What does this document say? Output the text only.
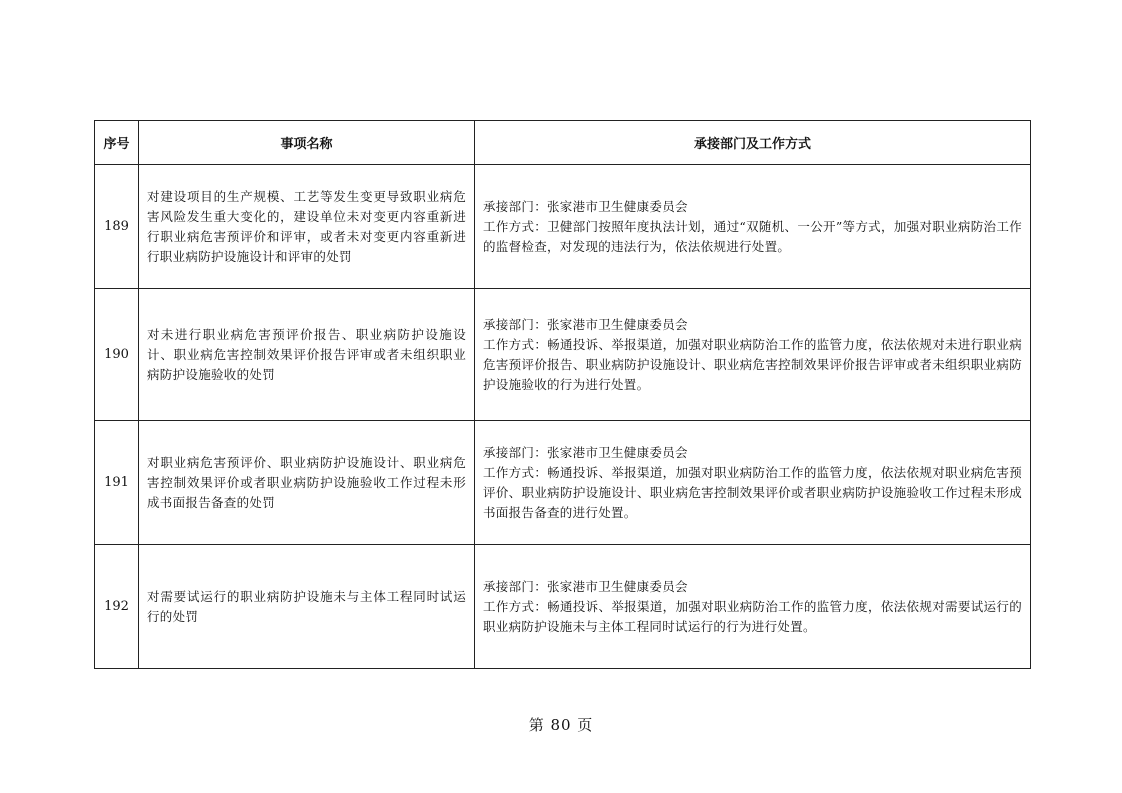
序号	事项名称	承接部门及工作方式
189	对建设项目的生产规模、工艺等发生变更导致职业病危害风险发生重大变化的，建设单位未对变更内容重新进行职业病危害预评价和评审，或者未对变更内容重新进行职业病防护设施设计和评审的处罚	承接部门：张家港市卫生健康委员会
工作方式：卫健部门按照年度执法计划，通过“双随机、一公开”等方式，加强对职业病防治工作的监督检查，对发现的违法行为，依法依规进行处置。

190	对未进行职业病危害预评价报告、职业病防护设施设计、职业病危害控制效果评价报告评审或者未组织职业病防护设施验收的处罚	承接部门：张家港市卫生健康委员会
工作方式：畅通投诉、举报渠道，加强对职业病防治工作的监管力度，依法依规对未进行职业病危害预评价报告、职业病防护设施设计、职业病危害控制效果评价报告评审或者未组织职业病防护设施验收的行为进行处置。

191	对职业病危害预评价、职业病防护设施设计、职业病危害控制效果评价或者职业病防护设施验收工作过程未形成书面报告备查的处罚	承接部门：张家港市卫生健康委员会
工作方式：畅通投诉、举报渠道，加强对职业病防治工作的监管力度，依法依规对职业病危害预评价、职业病防护设施设计、职业病危害控制效果评价或者职业病防护设施验收工作过程未形成书面报告备查的进行处置。

192	对需要试运行的职业病防护设施未与主体工程同时试运行的处罚	承接部门：张家港市卫生健康委员会
工作方式：畅通投诉、举报渠道，加强对职业病防治工作的监管力度，依法依规对需要试运行的职业病防护设施未与主体工程同时试运行的行为进行处置。
第 80 页
